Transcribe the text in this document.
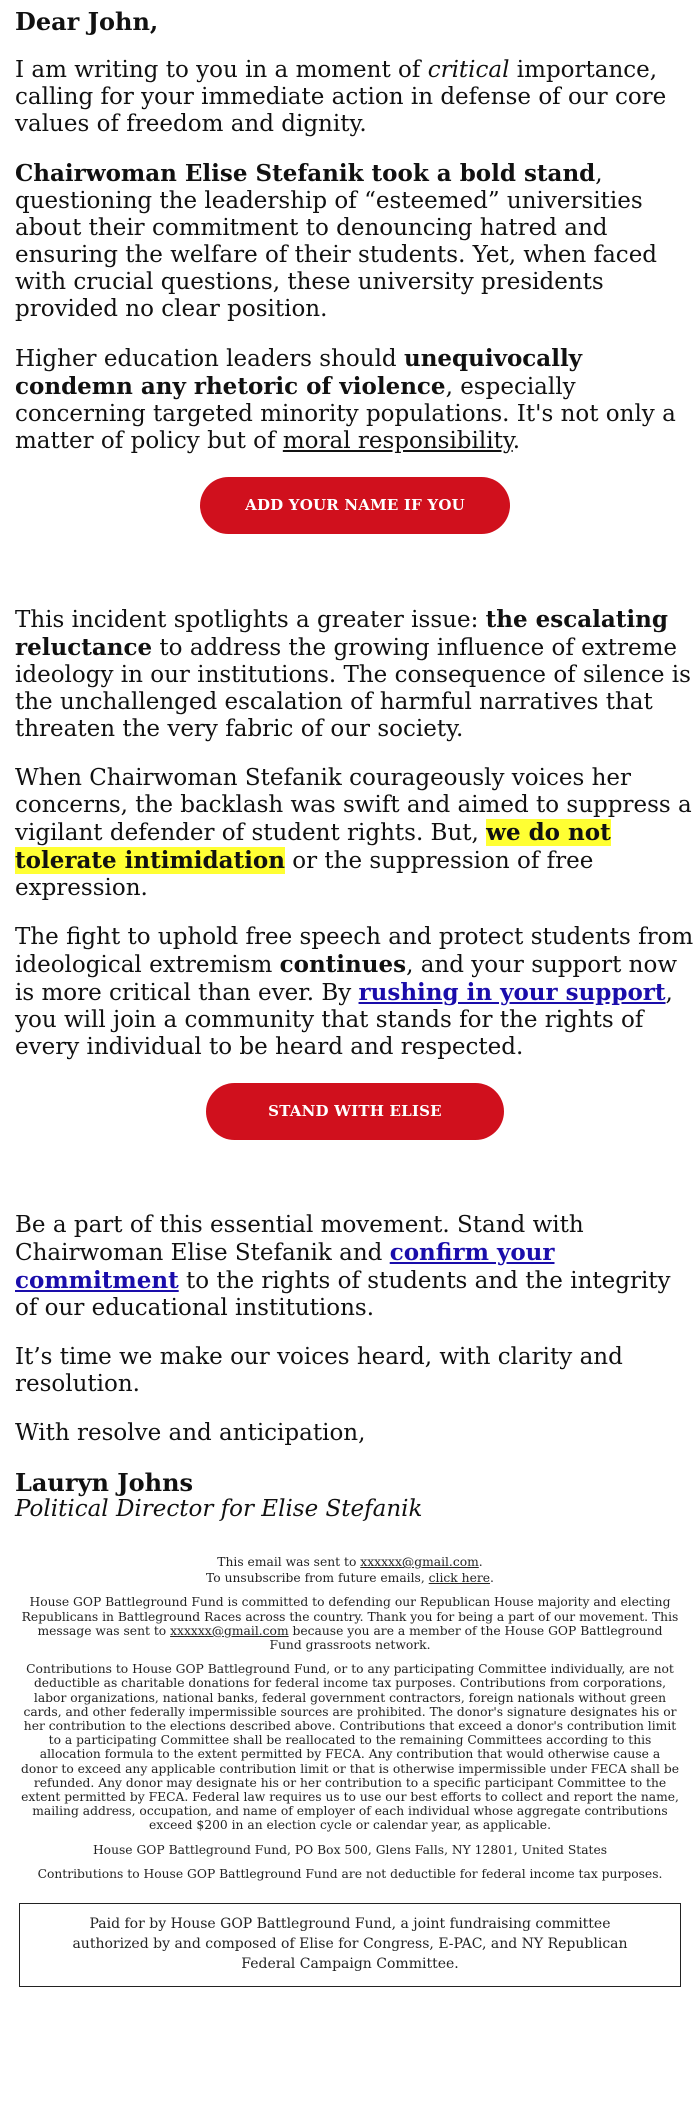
Dear John,

I am writing to you in a moment of critical importance, calling for your immediate action in defense of our core values of freedom and dignity.

Chairwoman Elise Stefanik took a bold stand, questioning the leadership of “esteemed” universities about their commitment to denouncing hatred and ensuring the welfare of their students. Yet, when faced with crucial questions, these university presidents provided no clear position.

Higher education leaders should unequivocally condemn any rhetoric of violence, especially concerning targeted minority populations. It's not only a matter of policy but of moral responsibility.

ADD YOUR NAME IF YOU AGREE

This incident spotlights a greater issue: the escalating reluctance to address the growing influence of extreme ideology in our institutions. The consequence of silence is the unchallenged escalation of harmful narratives that threaten the very fabric of our society.

When Chairwoman Stefanik courageously voices her concerns, the backlash was swift and aimed to suppress a vigilant defender of student rights. But, we do not tolerate intimidation or the suppression of free expression.

The fight to uphold free speech and protect students from ideological extremism continues, and your support now is more critical than ever. By rushing in your support, you will join a community that stands for the rights of every individual to be heard and respected.

STAND WITH ELISE STEFANIK

Be a part of this essential movement. Stand with Chairwoman Elise Stefanik and confirm your commitment to the rights of students and the integrity of our educational institutions.

It’s time we make our voices heard, with clarity and resolution.

With resolve and anticipation,

Lauryn Johns

Political Director for Elise Stefanik

This email was sent to xxxxxx@gmail.com.

To unsubscribe from future emails, click here.

House GOP Battleground Fund is committed to defending our Republican House majority and electing Republicans in Battleground Races across the country. Thank you for being a part of our movement. This message was sent to xxxxxx@gmail.com because you are a member of the House GOP Battleground Fund grassroots network.

Contributions to House GOP Battleground Fund, or to any participating Committee individually, are not deductible as charitable donations for federal income tax purposes. Contributions from corporations, labor organizations, national banks, federal government contractors, foreign nationals without green cards, and other federally impermissible sources are prohibited. The donor's signature designates his or her contribution to the elections described above. Contributions that exceed a donor's contribution limit to a participating Committee shall be reallocated to the remaining Committees according to this allocation formula to the extent permitted by FECA. Any contribution that would otherwise cause a donor to exceed any applicable contribution limit or that is otherwise impermissible under FECA shall be refunded. Any donor may designate his or her contribution to a specific participant Committee to the extent permitted by FECA. Federal law requires us to use our best efforts to collect and report the name, mailing address, occupation, and name of employer of each individual whose aggregate contributions exceed $200 in an election cycle or calendar year, as applicable.

House GOP Battleground Fund, PO Box 500, Glens Falls, NY 12801, United States

Contributions to House GOP Battleground Fund are not deductible for federal income tax purposes.

Paid for by House GOP Battleground Fund, a joint fundraising committee authorized by and composed of Elise for Congress, E-PAC, and NY Republican Federal Campaign Committee.
